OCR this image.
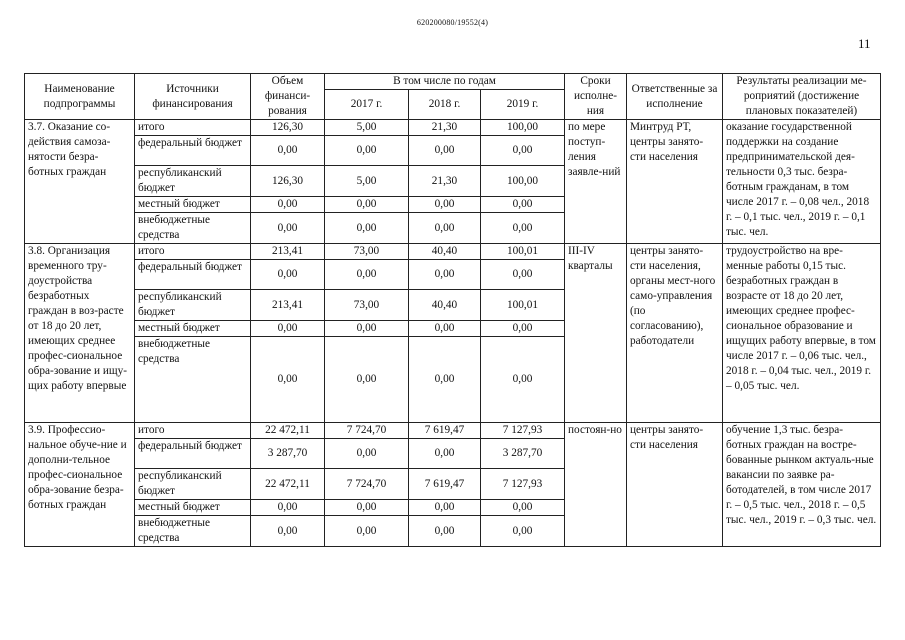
620200080/19552(4)
11
Наименование подпрограммы	Источники финансирования	Объем финанси-рования	В том числе по годам			Сроки исполне-ния	Ответственные за исполнение	Результаты реализации ме-роприятий (достижение плановых показателей)
			2017 г.	2018 г.	2019 г.			
3.7. Оказание со-действия самоза-нятости безра-ботных граждан	итого	126,30	5,00	21,30	100,00	по мере поступ-ления заявле-ний	Минтруд РТ, центры занято-сти населения	оказание государственной поддержки на создание предпринимательской дея-тельности 0,3 тыс. безра-ботным гражданам, в том числе 2017 г. – 0,08 чел., 2018 г. – 0,1 тыс. чел., 2019 г. – 0,1 тыс. чел.
	федеральный бюджет	0,00	0,00	0,00	0,00			
	республиканский бюджет	126,30	5,00	21,30	100,00			
	местный бюджет	0,00	0,00	0,00	0,00			
	внебюджетные средства	0,00	0,00	0,00	0,00			
3.8. Организация временного тру-доустройства безработных граждан в воз-расте от 18 до 20 лет, имеющих среднее профес-сиональное обра-зование и ищу-щих работу впервые	итого	213,41	73,00	40,40	100,01	III-IV кварталы	центры занято-сти населения, органы мест-ного само-управления (по согласованию), работодатели	трудоустройство на вре-менные работы 0,15 тыс. безработных граждан в возрасте от 18 до 20 лет, имеющих среднее профес-сиональное образование и ищущих работу впервые, в том числе 2017 г. – 0,06 тыс. чел., 2018 г. – 0,04 тыс. чел., 2019 г. – 0,05 тыс. чел.
	федеральный бюджет	0,00	0,00	0,00	0,00			
	республиканский бюджет	213,41	73,00	40,40	100,01			
	местный бюджет	0,00	0,00	0,00	0,00			
	внебюджетные средства	0,00	0,00	0,00	0,00			
3.9. Профессио-нальное обуче-ние и дополни-тельное профес-сиональное обра-зование безра-ботных граждан	итого	22 472,11	7 724,70	7 619,47	7 127,93	постоян-но	центры занято-сти населения	обучение 1,3 тыс. безра-ботных граждан на востре-бованные рынком актуаль-ные вакансии по заявке ра-ботодателей, в том числе 2017 г. – 0,5 тыс. чел., 2018 г. – 0,5 тыс. чел., 2019 г. – 0,3 тыс. чел.
	федеральный бюджет	3 287,70	0,00	0,00	3 287,70			
	республиканский бюджет	22 472,11	7 724,70	7 619,47	7 127,93			
	местный бюджет	0,00	0,00	0,00	0,00			
	внебюджетные средства	0,00	0,00	0,00	0,00			
